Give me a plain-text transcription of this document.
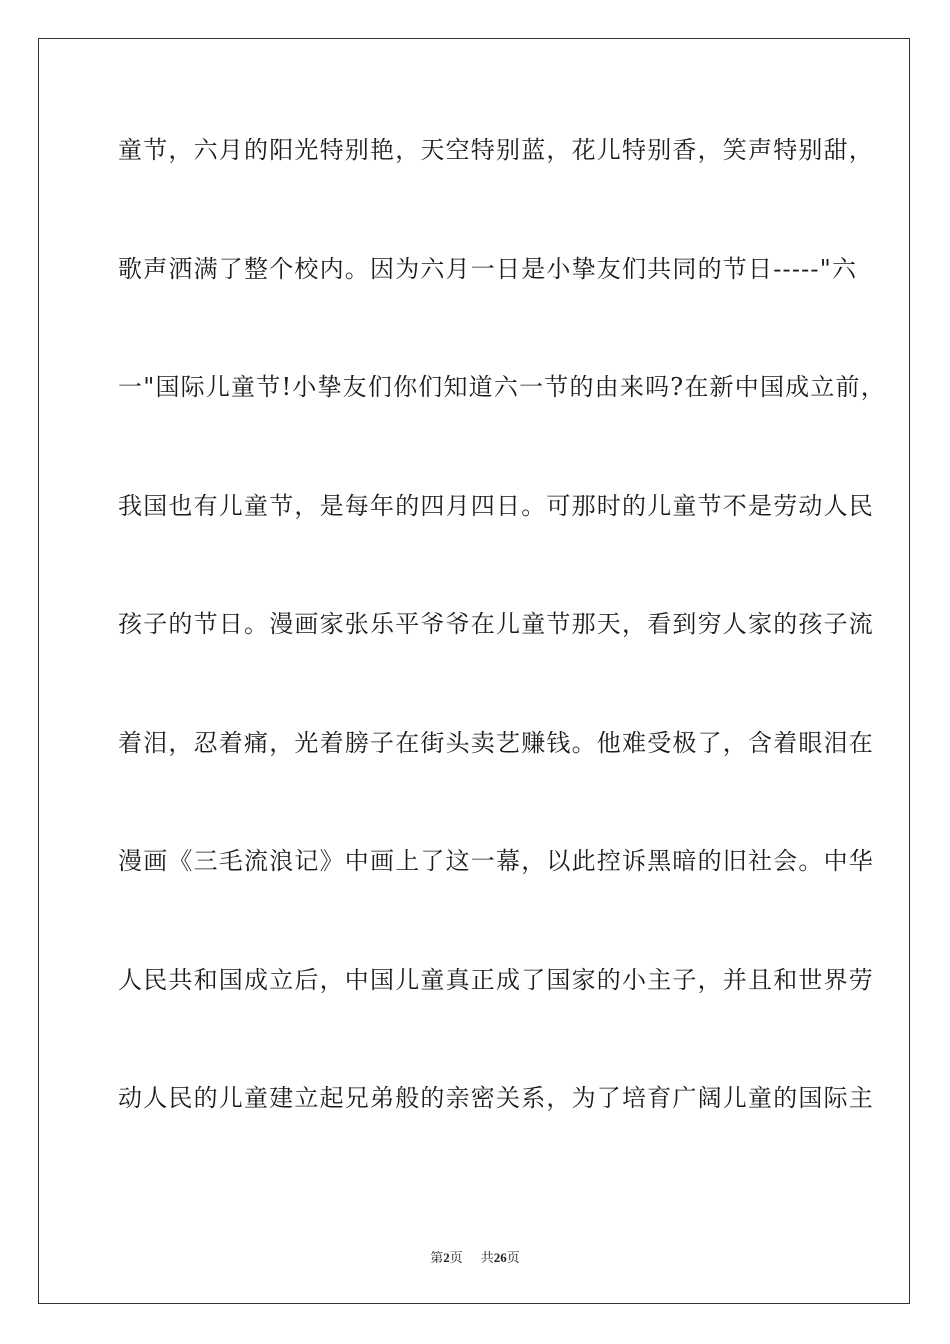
童节，六月的阳光特别艳，天空特别蓝，花儿特别香，笑声特别甜，
歌声洒满了整个校内。因为六月一日是小挚友们共同的节日-----"六
一"国际儿童节!小挚友们你们知道六一节的由来吗?在新中国成立前，
我国也有儿童节，是每年的四月四日。可那时的儿童节不是劳动人民
孩子的节日。漫画家张乐平爷爷在儿童节那天，看到穷人家的孩子流
着泪，忍着痛，光着膀子在街头卖艺赚钱。他难受极了，含着眼泪在
漫画《三毛流浪记》中画上了这一幕，以此控诉黑暗的旧社会。中华
人民共和国成立后，中国儿童真正成了国家的小主子，并且和世界劳
动人民的儿童建立起兄弟般的亲密关系，为了培育广阔儿童的国际主
第2页 共26页
